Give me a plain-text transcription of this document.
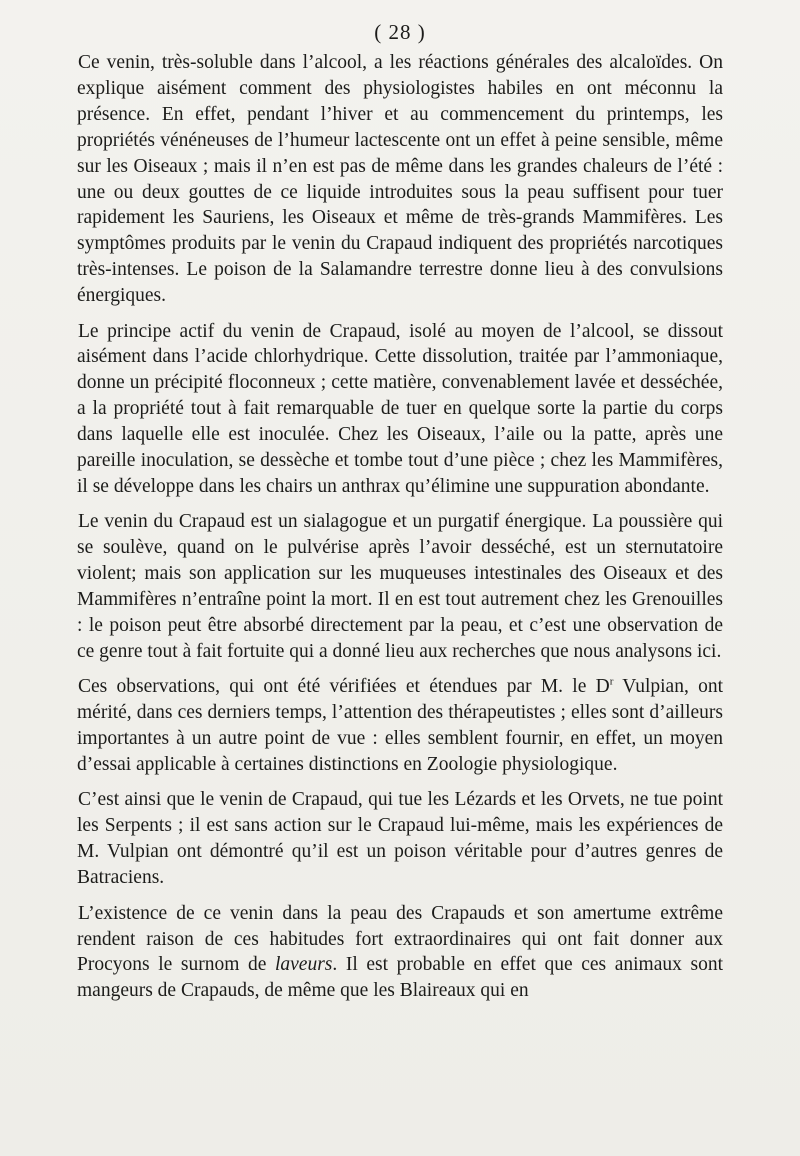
( 28 )

Ce venin, très-soluble dans l’alcool, a les réactions générales des alcaloïdes. On explique aisément comment des physiologistes habiles en ont méconnu la présence. En effet, pendant l’hiver et au commencement du printemps, les propriétés vénéneuses de l’humeur lactescente ont un effet à peine sensible, même sur les Oiseaux ; mais il n’en est pas de même dans les grandes chaleurs de l’été : une ou deux gouttes de ce liquide introduites sous la peau suffisent pour tuer rapidement les Sauriens, les Oiseaux et même de très-grands Mammifères. Les symptômes produits par le venin du Crapaud indiquent des propriétés narcotiques très-intenses. Le poison de la Salamandre terrestre donne lieu à des convulsions énergiques.

Le principe actif du venin de Crapaud, isolé au moyen de l’alcool, se dissout aisément dans l’acide chlorhydrique. Cette dissolution, traitée par l’ammoniaque, donne un précipité floconneux ; cette matière, convenablement lavée et desséchée, a la propriété tout à fait remarquable de tuer en quelque sorte la partie du corps dans laquelle elle est inoculée. Chez les Oiseaux, l’aile ou la patte, après une pareille inoculation, se dessèche et tombe tout d’une pièce ; chez les Mammifères, il se développe dans les chairs un anthrax qu’élimine une suppuration abondante.

Le venin du Crapaud est un sialagogue et un purgatif énergique. La poussière qui se soulève, quand on le pulvérise après l’avoir desséché, est un sternutatoire violent; mais son application sur les muqueuses intestinales des Oiseaux et des Mammifères n’entraîne point la mort. Il en est tout autrement chez les Grenouilles : le poison peut être absorbé directement par la peau, et c’est une observation de ce genre tout à fait fortuite qui a donné lieu aux recherches que nous analysons ici.

Ces observations, qui ont été vérifiées et étendues par M. le $D^r$ Vulpian, ont mérité, dans ces derniers temps, l’attention des thérapeutistes ; elles sont d’ailleurs importantes à un autre point de vue : elles semblent fournir, en effet, un moyen d’essai applicable à certaines distinctions en Zoologie physiologique.

C’est ainsi que le venin de Crapaud, qui tue les Lézards et les Orvets, ne tue point les Serpents ; il est sans action sur le Crapaud lui-même, mais les expériences de M. Vulpian ont démontré qu’il est un poison véritable pour d’autres genres de Batraciens.

L’existence de ce venin dans la peau des Crapauds et son amertume extrême rendent raison de ces habitudes fort extraordinaires qui ont fait donner aux Procyons le surnom de laveurs. Il est probable en effet que ces animaux sont mangeurs de Crapauds, de même que les Blaireaux qui en
